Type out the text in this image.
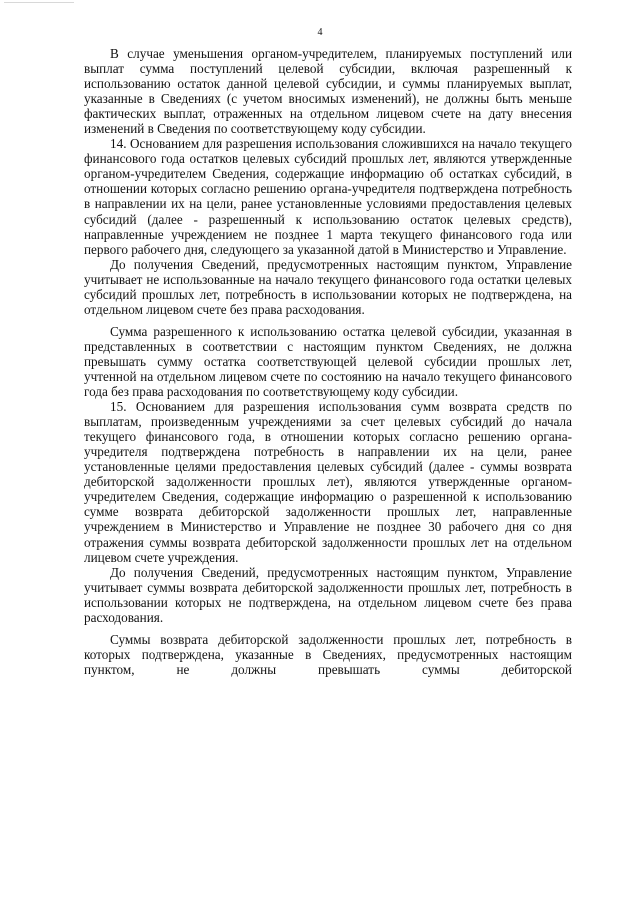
4

В случае уменьшения органом-учредителем, планируемых поступлений или выплат сумма поступлений целевой субсидии, включая разрешенный к использованию остаток данной целевой субсидии, и суммы планируемых выплат, указанные в Сведениях (с учетом вносимых изменений), не должны быть меньше фактических выплат, отраженных на отдельном лицевом счете на дату внесения изменений в Сведения по соответствующему коду субсидии.

14. Основанием для разрешения использования сложившихся на начало текущего финансового года остатков целевых субсидий прошлых лет, являются утвержденные органом-учредителем Сведения, содержащие информацию об остатках субсидий, в отношении которых согласно решению органа-учредителя подтверждена потребность в направлении их на цели, ранее установленные условиями предоставления целевых субсидий (далее - разрешенный к использованию остаток целевых средств), направленные учреждением не позднее 1 марта текущего финансового года или первого рабочего дня, следующего за указанной датой в Министерство и Управление.

До получения Сведений, предусмотренных настоящим пунктом, Управление учитывает не использованные на начало текущего финансового года остатки целевых субсидий прошлых лет, потребность в использовании которых не подтверждена, на отдельном лицевом счете без права расходования.

Сумма разрешенного к использованию остатка целевой субсидии, указанная в представленных в соответствии с настоящим пунктом Сведениях, не должна превышать сумму остатка соответствующей целевой субсидии прошлых лет, учтенной на отдельном лицевом счете по состоянию на начало текущего финансового года без права расходования по соответствующему коду субсидии.

15. Основанием для разрешения использования сумм возврата средств по выплатам, произведенным учреждениями за счет целевых субсидий до начала текущего финансового года, в отношении которых согласно решению органа-учредителя подтверждена потребность в направлении их на цели, ранее установленные целями предоставления целевых субсидий (далее - суммы возврата дебиторской задолженности прошлых лет), являются утвержденные органом-учредителем Сведения, содержащие информацию о разрешенной к использованию сумме возврата дебиторской задолженности прошлых лет, направленные учреждением в Министерство и Управление не позднее 30 рабочего дня со дня отражения суммы возврата дебиторской задолженности прошлых лет на отдельном лицевом счете учреждения.

До получения Сведений, предусмотренных настоящим пунктом, Управление учитывает суммы возврата дебиторской задолженности прошлых лет, потребность в использовании которых не подтверждена, на отдельном лицевом счете без права расходования.

Суммы возврата дебиторской задолженности прошлых лет, потребность в которых подтверждена, указанные в Сведениях, предусмотренных настоящим пунктом, не должны превышать суммы дебиторской
